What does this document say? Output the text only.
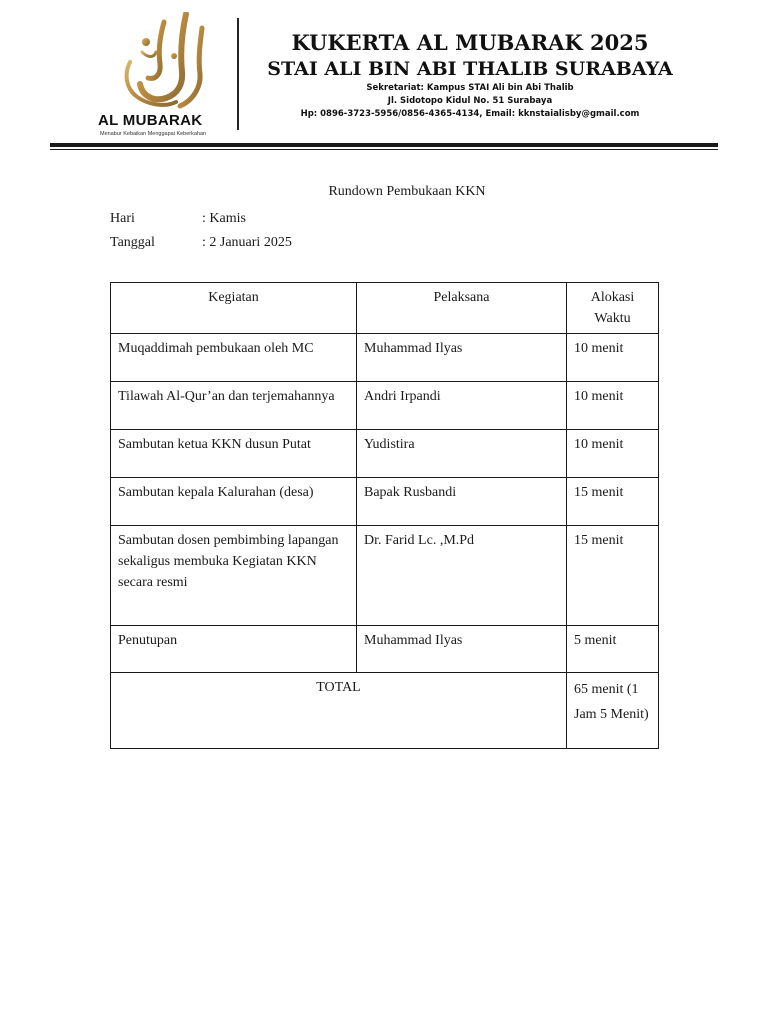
AL MUBARAK
Menabur Kebaikan Menggapai Keberkahan
KUKERTA AL MUBARAK 2025
STAI ALI BIN ABI THALIB SURABAYA
Sekretariat: Kampus STAI Ali bin Abi Thalib
Jl. Sidotopo Kidul No. 51 Surabaya
Hp: 0896-3723-5956/0856-4365-4134, Email: kknstaialisby@gmail.com
Rundown Pembukaan KKN
Hari	: Kamis
Tanggal	: 2 Januari 2025
Kegiatan	Pelaksana	Alokasi Waktu
Muqaddimah pembukaan oleh MC	Muhammad Ilyas	10 menit
Tilawah Al-Qur’an dan terjemahannya	Andri Irpandi	10 menit
Sambutan ketua KKN dusun Putat	Yudistira	10 menit
Sambutan kepala Kalurahan (desa)	Bapak Rusbandi	15 menit
Sambutan dosen pembimbing lapangan sekaligus membuka Kegiatan KKN secara resmi	Dr. Farid Lc. ,M.Pd	15 menit
Penutupan	Muhammad Ilyas	5 menit
TOTAL		65 menit (1 Jam 5 Menit)
